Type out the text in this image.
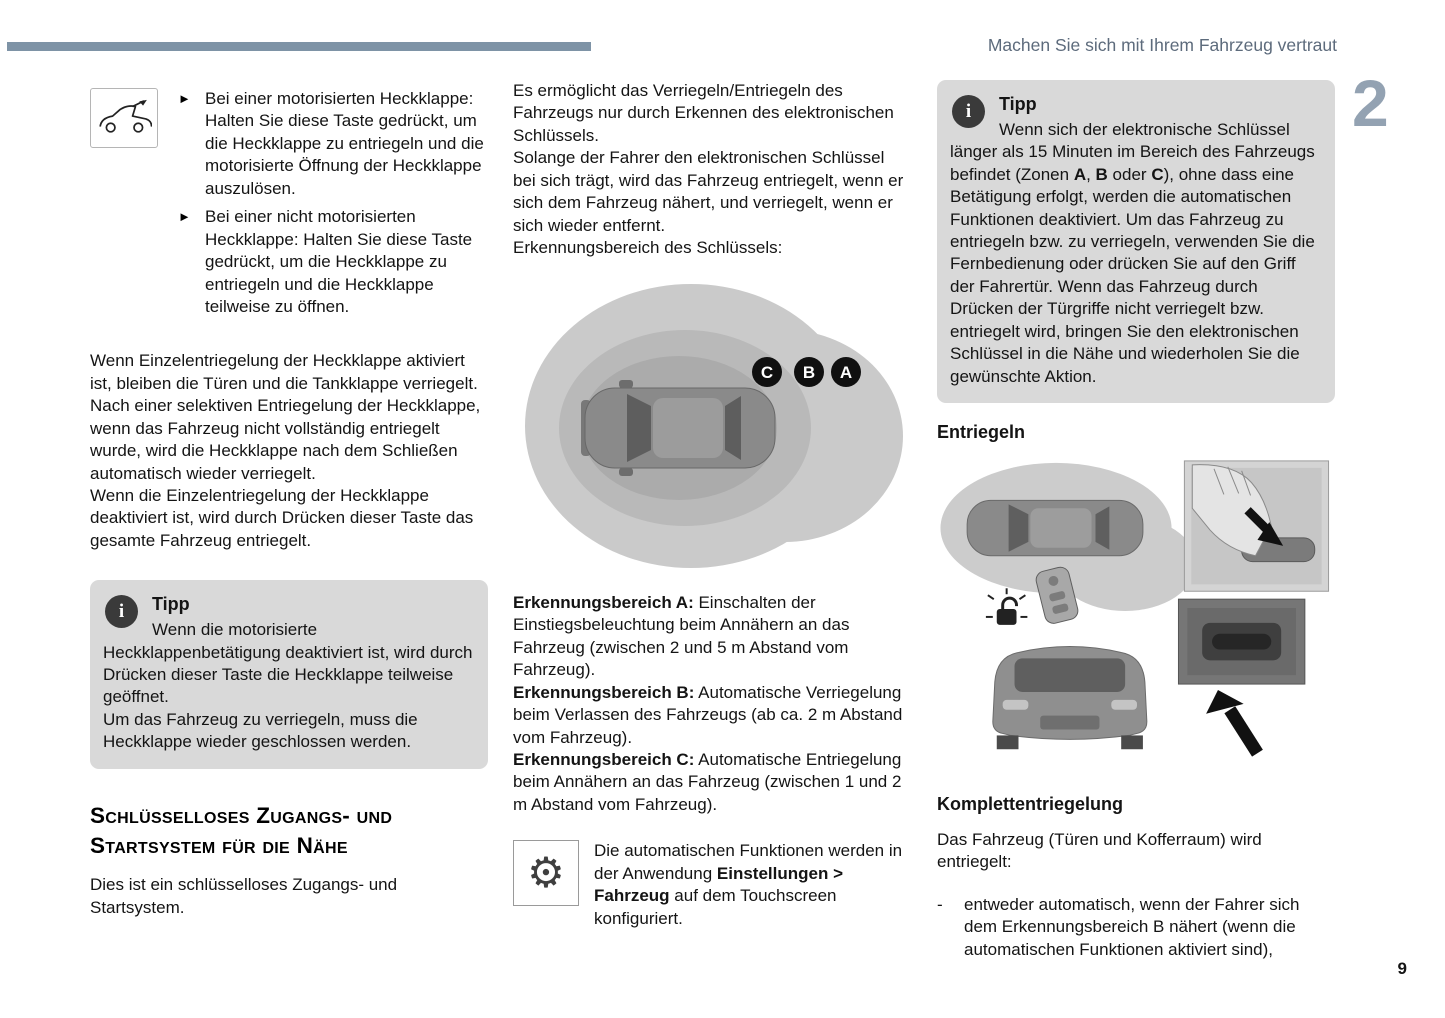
Machen Sie sich mit Ihrem Fahrzeug vertraut
2
9
► Bei einer motorisierten Heckklappe: Halten Sie diese Taste gedrückt, um die Heckklappe zu entriegeln und die motorisierte Öffnung der Heckklappe auszulösen.
► Bei einer nicht motorisierten Heckklappe: Halten Sie diese Taste gedrückt, um die Heckklappe zu entriegeln und die Heckklappe teilweise zu öffnen.

Wenn Einzelentriegelung der Heckklappe aktiviert ist, bleiben die Türen und die Tankklappe verriegelt.

Nach einer selektiven Entriegelung der Heckklappe, wenn das Fahrzeug nicht vollständig entriegelt wurde, wird die Heckklappe nach dem Schließen automatisch wieder verriegelt.

Wenn die Einzelentriegelung der Heckklappe deaktiviert ist, wird durch Drücken dieser Taste das gesamte Fahrzeug entriegelt.

i	Tipp

Wenn die motorisierte Heckklappenbetätigung deaktiviert ist, wird durch Drücken dieser Taste die Heckklappe teilweise geöffnet.

Um das Fahrzeug zu verriegeln, muss die Heckklappe wieder geschlossen werden.

Schlüsselloses Zugangs- und Startsystem für die Nähe

Dies ist ein schlüsselloses Zugangs- und Startsystem.

Es ermöglicht das Verriegeln/Entriegeln des Fahrzeugs nur durch Erkennen des elektronischen Schlüssels.

Solange der Fahrer den elektronischen Schlüssel bei sich trägt, wird das Fahrzeug entriegelt, wenn er sich dem Fahrzeug nähert, und verriegelt, wenn er sich wieder entfernt.

Erkennungsbereich des Schlüssels:

C B A

Erkennungsbereich A: Einschalten der Einstiegsbeleuchtung beim Annähern an das Fahrzeug (zwischen 2 und 5 m Abstand vom Fahrzeug).

Erkennungsbereich B: Automatische Verriegelung beim Verlassen des Fahrzeugs (ab ca. 2 m Abstand vom Fahrzeug).

Erkennungsbereich C: Automatische Entriegelung beim Annähern an das Fahrzeug (zwischen 1 und 2 m Abstand vom Fahrzeug).

⚙ Die automatischen Funktionen werden in der Anwendung Einstellungen > Fahrzeug auf dem Touchscreen konfiguriert.

i	Tipp

Wenn sich der elektronische Schlüssel länger als 15 Minuten im Bereich des Fahrzeugs befindet (Zonen A, B oder C), ohne dass eine Betätigung erfolgt, werden die automatischen Funktionen deaktiviert. Um das Fahrzeug zu entriegeln bzw. zu verriegeln, verwenden Sie die Fernbedienung oder drücken Sie auf den Griff der Fahrertür. Wenn das Fahrzeug durch Drücken der Türgriffe nicht verriegelt bzw. entriegelt wird, bringen Sie den elektronischen Schlüssel in die Nähe und wiederholen Sie die gewünschte Aktion.

Entriegeln
Komplettentriegelung

Das Fahrzeug (Türen und Kofferraum) wird entriegelt:

-	entweder automatisch, wenn der Fahrer sich dem Erkennungsbereich B nähert (wenn die automatischen Funktionen aktiviert sind),
